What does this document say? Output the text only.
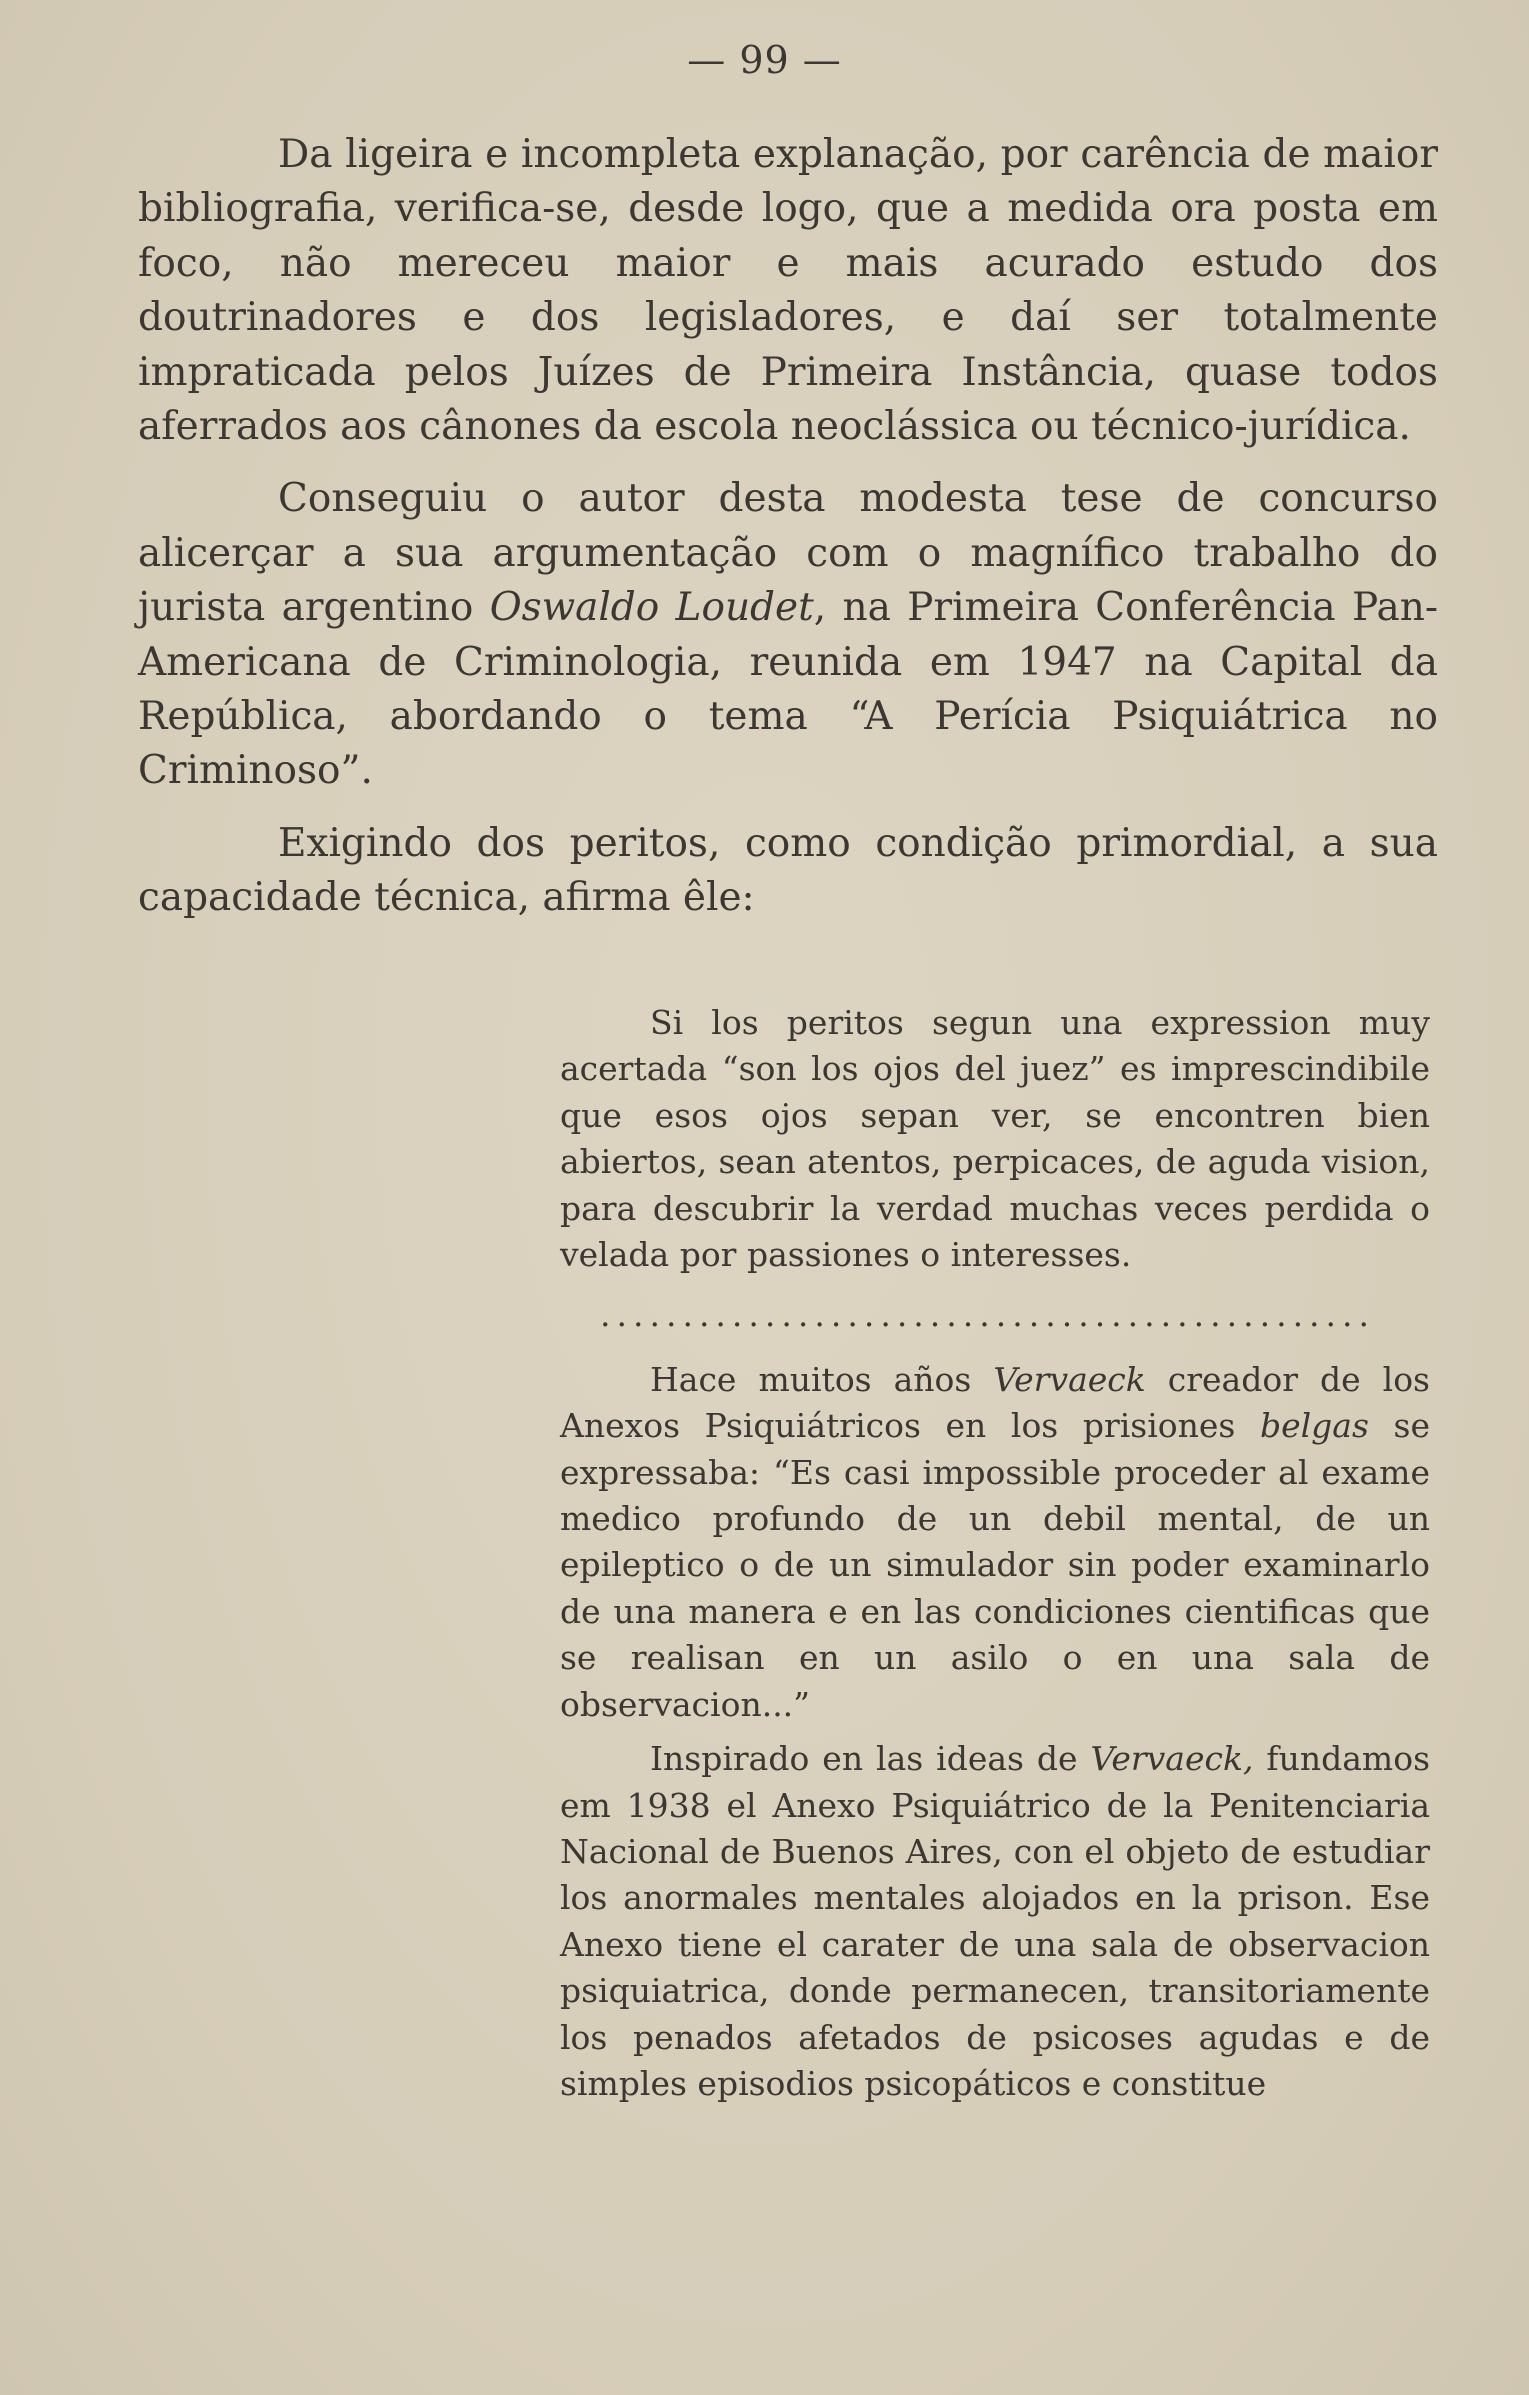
— 99 —

Da ligeira e incompleta explanação, por carência de maior bibliografia, verifica-se, desde logo, que a medida ora posta em foco, não mereceu maior e mais acurado estudo dos doutrinadores e dos legisladores, e daí ser totalmente impraticada pelos Juízes de Primeira Instância, quase todos aferrados aos cânones da escola neoclássica ou técnico-jurídica.

Conseguiu o autor desta modesta tese de concurso alicerçar a sua argumentação com o magnífico trabalho do jurista argentino Oswaldo Loudet, na Primeira Conferência Pan-Americana de Criminologia, reunida em 1947 na Capital da República, abordando o tema “A Perícia Psiquiátrica no Criminoso”.

Exigindo dos peritos, como condição primordial, a sua capacidade técnica, afirma êle:

Si los peritos segun una expression muy acertada “son los ojos del juez” es imprescindibile que esos ojos sepan ver, se encontren bien abiertos, sean atentos, perpicaces, de aguda vision, para descubrir la verdad muchas veces perdida o velada por passiones o interesses.

...............................................

Hace muitos años Vervaeck creador de los Anexos Psiquiátricos en los prisiones belgas se expressaba: “Es casi impossible proceder al exame medico profundo de un debil mental, de un epileptico o de un simulador sin poder examinarlo de una manera e en las condiciones cientificas que se realisan en un asilo o en una sala de observacion...”

Inspirado en las ideas de Vervaeck, fundamos em 1938 el Anexo Psiquiátrico de la Penitenciaria Nacional de Buenos Aires, con el objeto de estudiar los anormales mentales alojados en la prison. Ese Anexo tiene el carater de una sala de observacion psiquiatrica, donde permanecen, transitoriamente los penados afetados de psicoses agudas e de simples episodios psicopáticos e constitue
